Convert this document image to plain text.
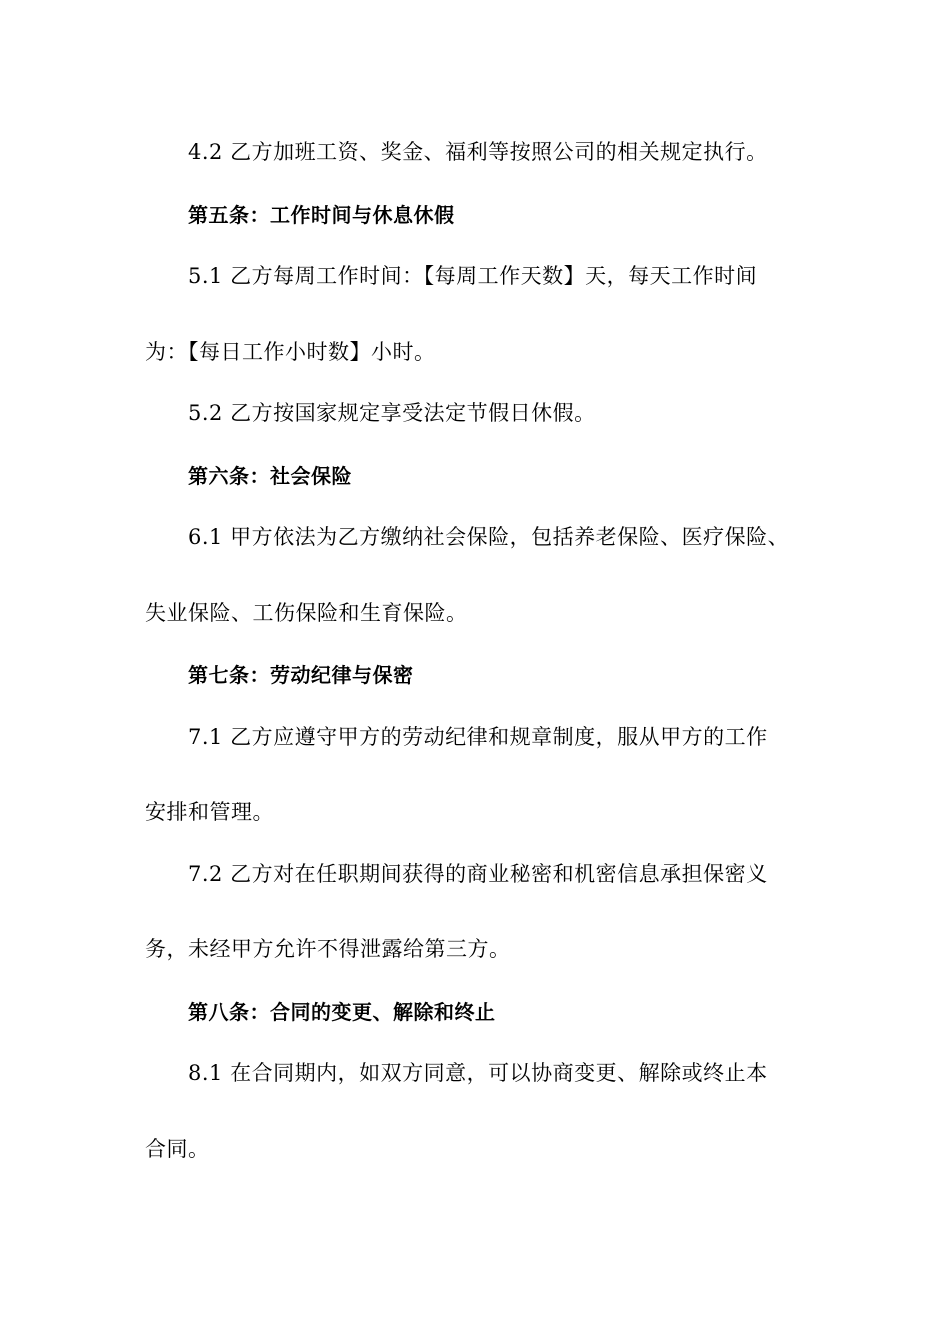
4.2 乙方加班工资、奖金、福利等按照公司的相关规定执行。
第五条：工作时间与休息休假
5.1 乙方每周工作时间：【每周工作天数】天，每天工作时间
为：【每日工作小时数】小时。
5.2 乙方按国家规定享受法定节假日休假。
第六条：社会保险
6.1 甲方依法为乙方缴纳社会保险，包括养老保险、医疗保险、
失业保险、工伤保险和生育保险。
第七条：劳动纪律与保密
7.1 乙方应遵守甲方的劳动纪律和规章制度，服从甲方的工作
安排和管理。
7.2 乙方对在任职期间获得的商业秘密和机密信息承担保密义
务，未经甲方允许不得泄露给第三方。
第八条：合同的变更、解除和终止
8.1 在合同期内，如双方同意，可以协商变更、解除或终止本
合同。
